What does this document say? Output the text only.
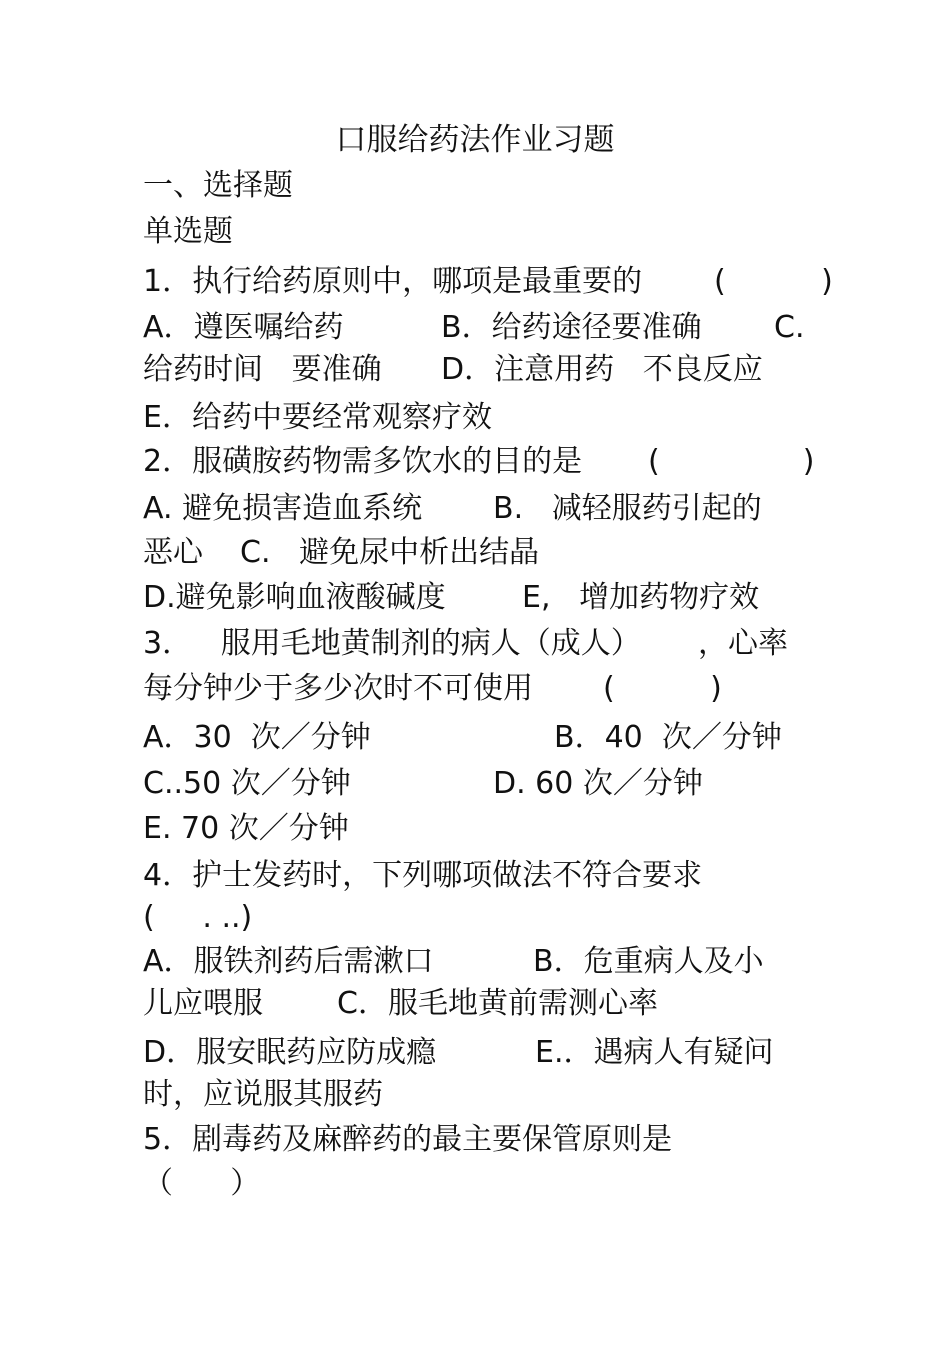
口服给药法作业习题
一、选择题
单选题
1．执行给药原则中，哪项是最重要的 (          )
A．遵医嘱给药	B．给药途径要准确 C.
给药时间   要准确 D．注意用药   不良反应
E．给药中要经常观察疗效
2．服磺胺药物需多饮水的目的是 (               )
A. 避免损害造血系统 B.   减轻服药引起的
恶心 C.   避免尿中析出结晶
D.避免影响血液酸碱度	E,   增加药物疗效
3．   服用毛地黄制剂的病人（成人） ，心率
每分钟少于多少次时不可使用 (          )
A．30  次／分钟	B．40  次／分钟
C..50 次／分钟	D. 60 次／分钟
E. 70 次／分钟
4．护士发药时，下列哪项做法不符合要求
(     . ..)
A．服铁剂药后需漱口	B．危重病人及小
儿应喂服 C．服毛地黄前需测心率
D．服安眠药应防成瘾	E.．遇病人有疑问
时，应说服其服药
5．剧毒药及麻醉药的最主要保管原则是
（      ）
